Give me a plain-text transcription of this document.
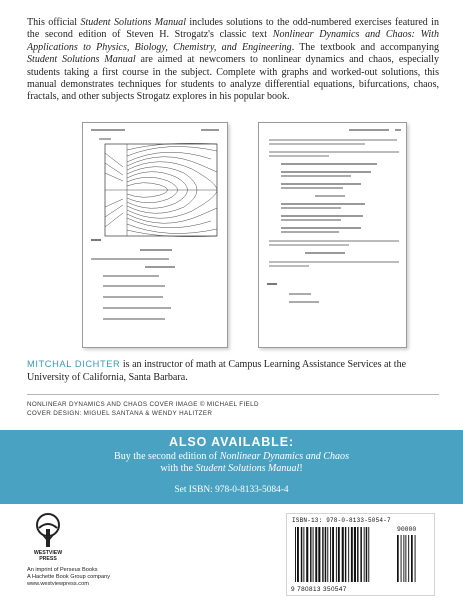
This official Student Solutions Manual includes solutions to the odd-numbered exercises featured in the second edition of Steven H. Strogatz's classic text Nonlinear Dynamics and Chaos: With Applications to Physics, Biology, Chemistry, and Engineering. The textbook and accompanying Student Solutions Manual are aimed at newcomers to nonlinear dynamics and chaos, especially students taking a first course in the subject. Complete with graphs and worked-out solutions, this manual demonstrates techniques for students to analyze differential equations, bifurcations, chaos, fractals, and other subjects Strogatz explores in his popular book.
MITCHAL DICHTER is an instructor of math at Campus Learning Assistance Services at the University of California, Santa Barbara.
NONLINEAR DYNAMICS AND CHAOS COVER IMAGE © MICHAEL FIELD
COVER DESIGN: MIGUEL SANTANA & WENDY HALITZER
ALSO AVAILABLE:
Buy the second edition of Nonlinear Dynamics and Chaos
with the Student Solutions Manual!
Set ISBN: 978-0-8133-5084-4
WESTVIEW
PRESS
An imprint of Perseus Books
A Hachette Book Group company
www.westviewpress.com
ISBN-13: 978-0-8133-5054-7
90000
9 780813 350547
